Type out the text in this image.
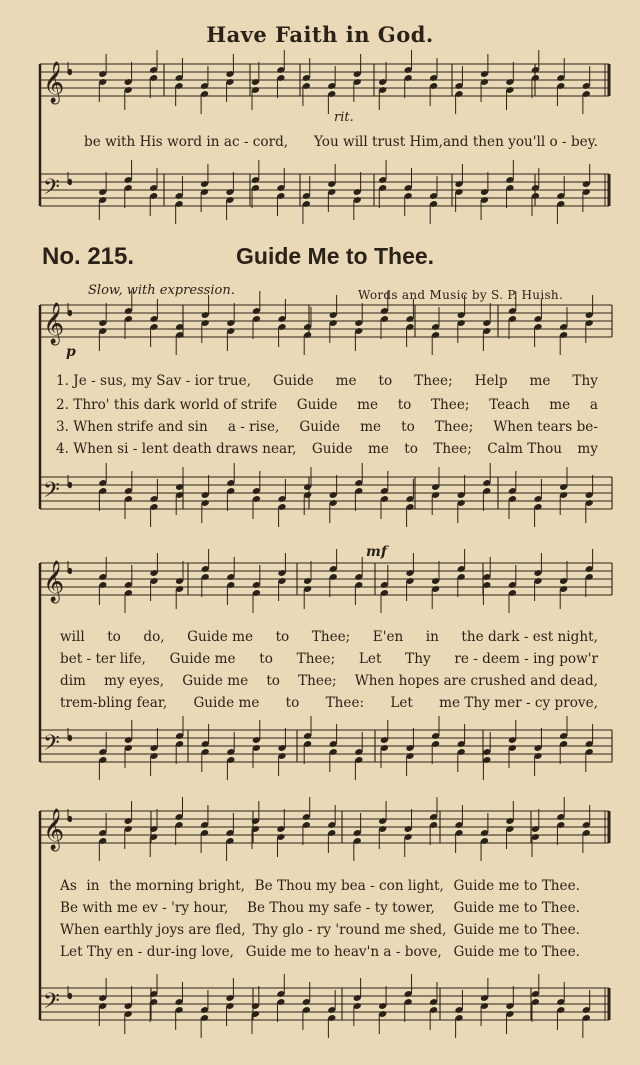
𝄞
𝄢
𝄞
𝄢
𝄞
𝄢
𝄞
𝄢
Have Faith in God.
rit.
be with His word in ac - cord, You will trust Him,and then you'll o - bey.
No. 215.	Guide Me to Thee.
Slow, with expression.	Words and Music by S. P. Huish.
p
mf
1. Je - sus, my Sav - ior true, Guide me to Thee; Help me Thy
2. Thro' this dark world of strife Guide me to Thee; Teach me a
3. When strife and sin a - rise, Guide me to Thee; When tears be-
4. When si - lent death draws near, Guide me to Thee; Calm Thou my
will to do, Guide me to Thee; E'en in the dark - est night,
bet - ter life, Guide me to Thee; Let Thy re - deem - ing pow'r
dim my eyes, Guide me to Thee; When hopes are crushed and dead,
trem-bling fear, Guide me to Thee: Let me Thy mer - cy prove,
As in the morning bright, Be Thou my bea - con light, Guide me to Thee.
Be with me ev - 'ry hour, Be Thou my safe - ty tower, Guide me to Thee.
When earthly joys are fled, Thy glo - ry 'round me shed, Guide me to Thee.
Let Thy en - dur-ing love, Guide me to heav'n a - bove, Guide me to Thee.
